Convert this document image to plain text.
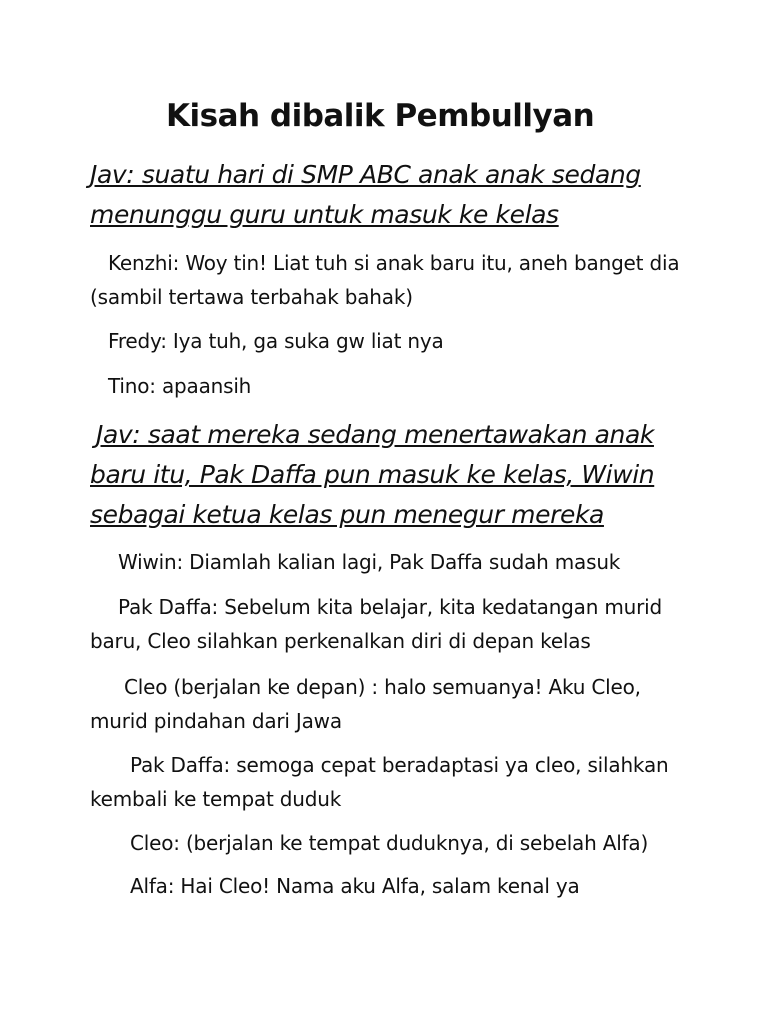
Kisah dibalik Pembullyan
Jav: suatu hari di SMP ABC anak anak sedang menunggu guru untuk masuk ke kelas
Kenzhi: Woy tin! Liat tuh si anak baru itu, aneh banget dia (sambil tertawa terbahak bahak)
Fredy: Iya tuh, ga suka gw liat nya
Tino: apaansih
Jav: saat mereka sedang menertawakan anak baru itu, Pak Daffa pun masuk ke kelas, Wiwin sebagai ketua kelas pun menegur mereka
Wiwin: Diamlah kalian lagi, Pak Daffa sudah masuk
Pak Daffa: Sebelum kita belajar, kita kedatangan murid baru, Cleo silahkan perkenalkan diri di depan kelas
Cleo (berjalan ke depan) : halo semuanya! Aku Cleo, murid pindahan dari Jawa
Pak Daffa: semoga cepat beradaptasi ya cleo, silahkan kembali ke tempat duduk
Cleo: (berjalan ke tempat duduknya, di sebelah Alfa)
Alfa: Hai Cleo! Nama aku Alfa, salam kenal ya
